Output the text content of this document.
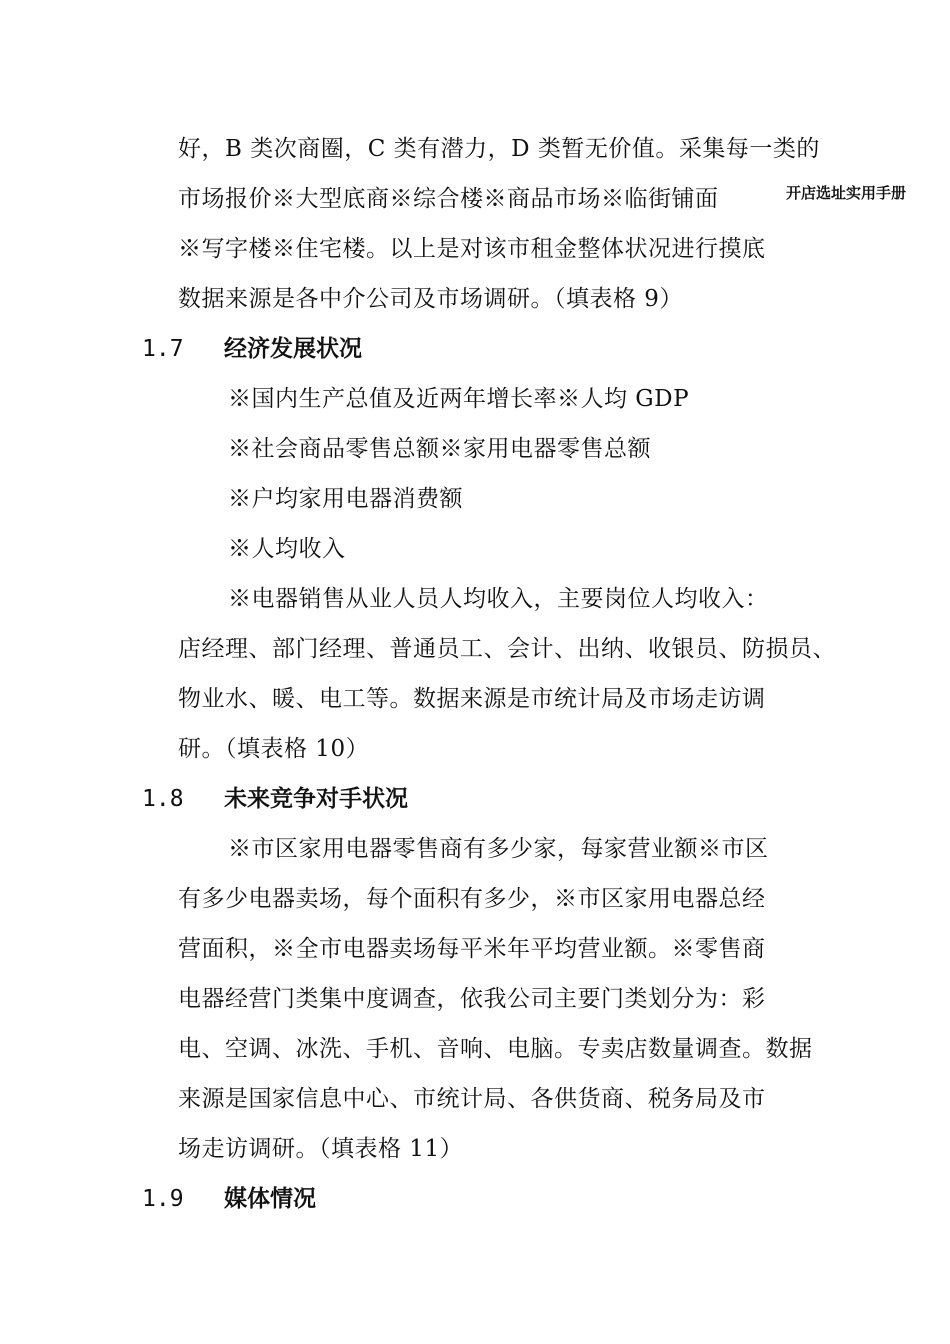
开店选址实用手册
好，B 类次商圈，C 类有潜力，D 类暂无价值。采集每一类的
市场报价※大型底商※综合楼※商品市场※临街铺面
※写字楼※住宅楼。以上是对该市租金整体状况进行摸底
数据来源是各中介公司及市场调研。（填表格 9）
1.7 经济发展状况
※国内生产总值及近两年增长率※人均 GDP
※社会商品零售总额※家用电器零售总额
※户均家用电器消费额
※人均收入
※电器销售从业人员人均收入，主要岗位人均收入：
店经理、部门经理、普通员工、会计、出纳、收银员、防损员、
物业水、暖、电工等。数据来源是市统计局及市场走访调
研。（填表格 10）
1.8 未来竞争对手状况
※市区家用电器零售商有多少家，每家营业额※市区
有多少电器卖场，每个面积有多少，※市区家用电器总经
营面积，※全市电器卖场每平米年平均营业额。※零售商
电器经营门类集中度调查，依我公司主要门类划分为：彩
电、空调、冰洗、手机、音响、电脑。专卖店数量调查。数据
来源是国家信息中心、市统计局、各供货商、税务局及市
场走访调研。（填表格 11）
1.9 媒体情况
